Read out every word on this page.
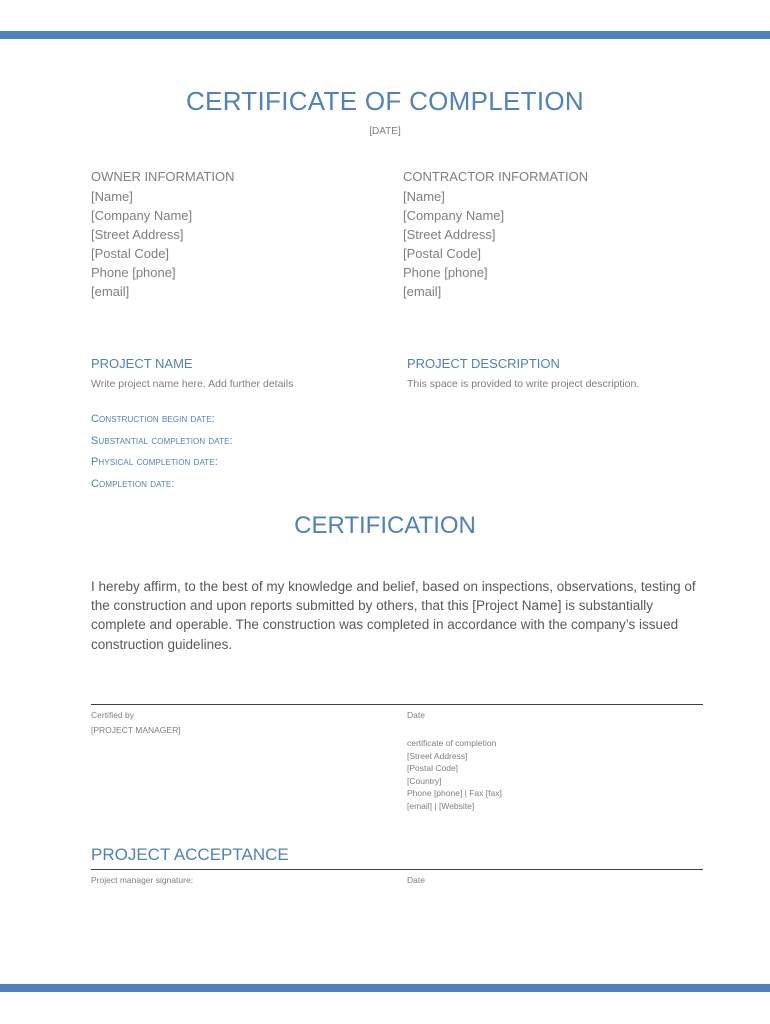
CERTIFICATE OF COMPLETION
[DATE]
OWNER INFORMATION
[Name]
[Company Name]
[Street Address]
[Postal Code]
Phone [phone]
[email]
CONTRACTOR INFORMATION
[Name]
[Company Name]
[Street Address]
[Postal Code]
Phone [phone]
[email]
PROJECT NAME
Write project name here. Add further details
PROJECT DESCRIPTION
This space is provided to write project description.
Construction begin date:
Substantial completion date:
Physical completion date:
Completion date:
CERTIFICATION
I hereby affirm, to the best of my knowledge and belief, based on inspections, observations, testing of the construction and upon reports submitted by others, that this [Project Name] is substantially complete and operable. The construction was completed in accordance with the company’s issued construction guidelines.
Certified by	Date
[PROJECT MANAGER]
certificate of completion
[Street Address]
[Postal Code]
[Country]
Phone [phone] | Fax [fax]
[email] | [Website]
PROJECT ACCEPTANCE
Project manager signature:	Date
